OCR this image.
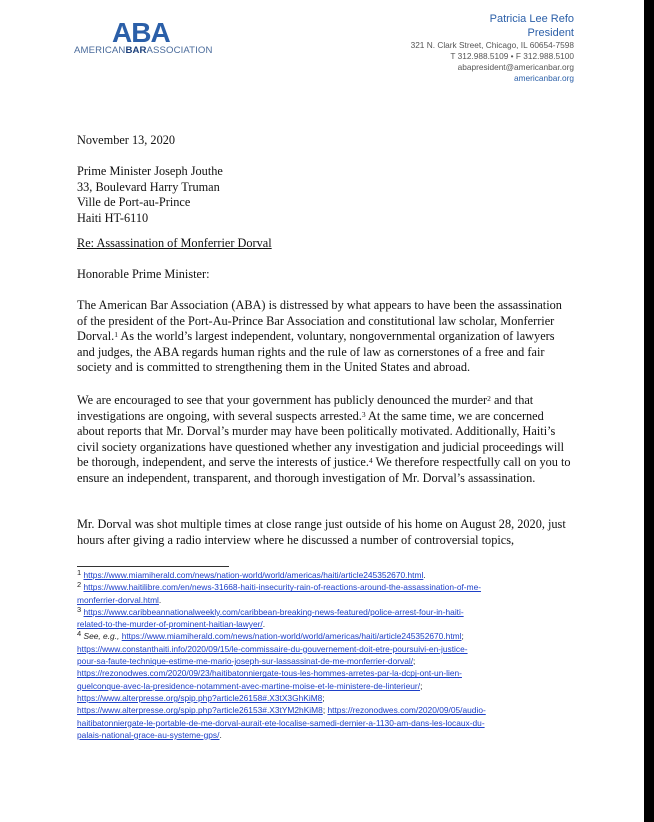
ABA
AMERICANBARASSOCIATION
Patricia Lee Refo
President
321 N. Clark Street, Chicago, IL 60654-7598
T 312.988.5109 • F 312.988.5100
abapresident@americanbar.org
americanbar.org
November 13, 2020
Prime Minister Joseph Jouthe
33, Boulevard Harry Truman
Ville de Port-au-Prince
Haiti HT-6110
Re: Assassination of Monferrier Dorval
Honorable Prime Minister:

The American Bar Association (ABA) is distressed by what appears to have been the assassination of the president of the Port-Au-Prince Bar Association and constitutional law scholar, Monferrier Dorval.$^1$ As the world’s largest independent, voluntary, nongovernmental organization of lawyers and judges, the ABA regards human rights and the rule of law as cornerstones of a free and fair society and is committed to strengthening them in the United States and abroad.

We are encouraged to see that your government has publicly denounced the murder$^2$ and that investigations are ongoing, with several suspects arrested.$^3$ At the same time, we are concerned about reports that Mr. Dorval’s murder may have been politically motivated. Additionally, Haiti’s civil society organizations have questioned whether any investigation and judicial proceedings will be thorough, independent, and serve the interests of justice.$^4$ We therefore respectfully call on you to ensure an independent, transparent, and thorough investigation of Mr. Dorval’s assassination.

Mr. Dorval was shot multiple times at close range just outside of his home on August 28, 2020, just hours after giving a radio interview where he discussed a number of controversial topics,

$^1$ https://www.miamiherald.com/news/nation-world/world/americas/haiti/article245352670.html.
$^2$ https://www.haitilibre.com/en/news-31668-haiti-insecurity-rain-of-reactions-around-the-assassination-of-me-
monferrier-dorval.html.
$^3$ https://www.caribbeannationalweekly.com/caribbean-breaking-news-featured/police-arrest-four-in-haiti-
related-to-the-murder-of-prominent-haitian-lawyer/.
$^4$ See, e.g., https://www.miamiherald.com/news/nation-world/world/americas/haiti/article245352670.html;
https://www.constanthaiti.info/2020/09/15/le-commissaire-du-gouvernement-doit-etre-poursuivi-en-justice-
pour-sa-faute-technique-estime-me-mario-joseph-sur-lassassinat-de-me-monferrier-dorval/;
https://rezonodwes.com/2020/09/23/haitibatonniergate-tous-les-hommes-arretes-par-la-dcpj-ont-un-lien-
quelconque-avec-la-presidence-notamment-avec-martine-moise-et-le-ministere-de-linterieur/;
https://www.alterpresse.org/spip.php?article26158#.X3tX3GhKiM8;
https://www.alterpresse.org/spip.php?article26153#.X3tYM2hKiM8; https://rezonodwes.com/2020/09/05/audio-
haitibatonniergate-le-portable-de-me-dorval-aurait-ete-localise-samedi-dernier-a-1130-am-dans-les-locaux-du-
palais-national-grace-au-systeme-gps/.
